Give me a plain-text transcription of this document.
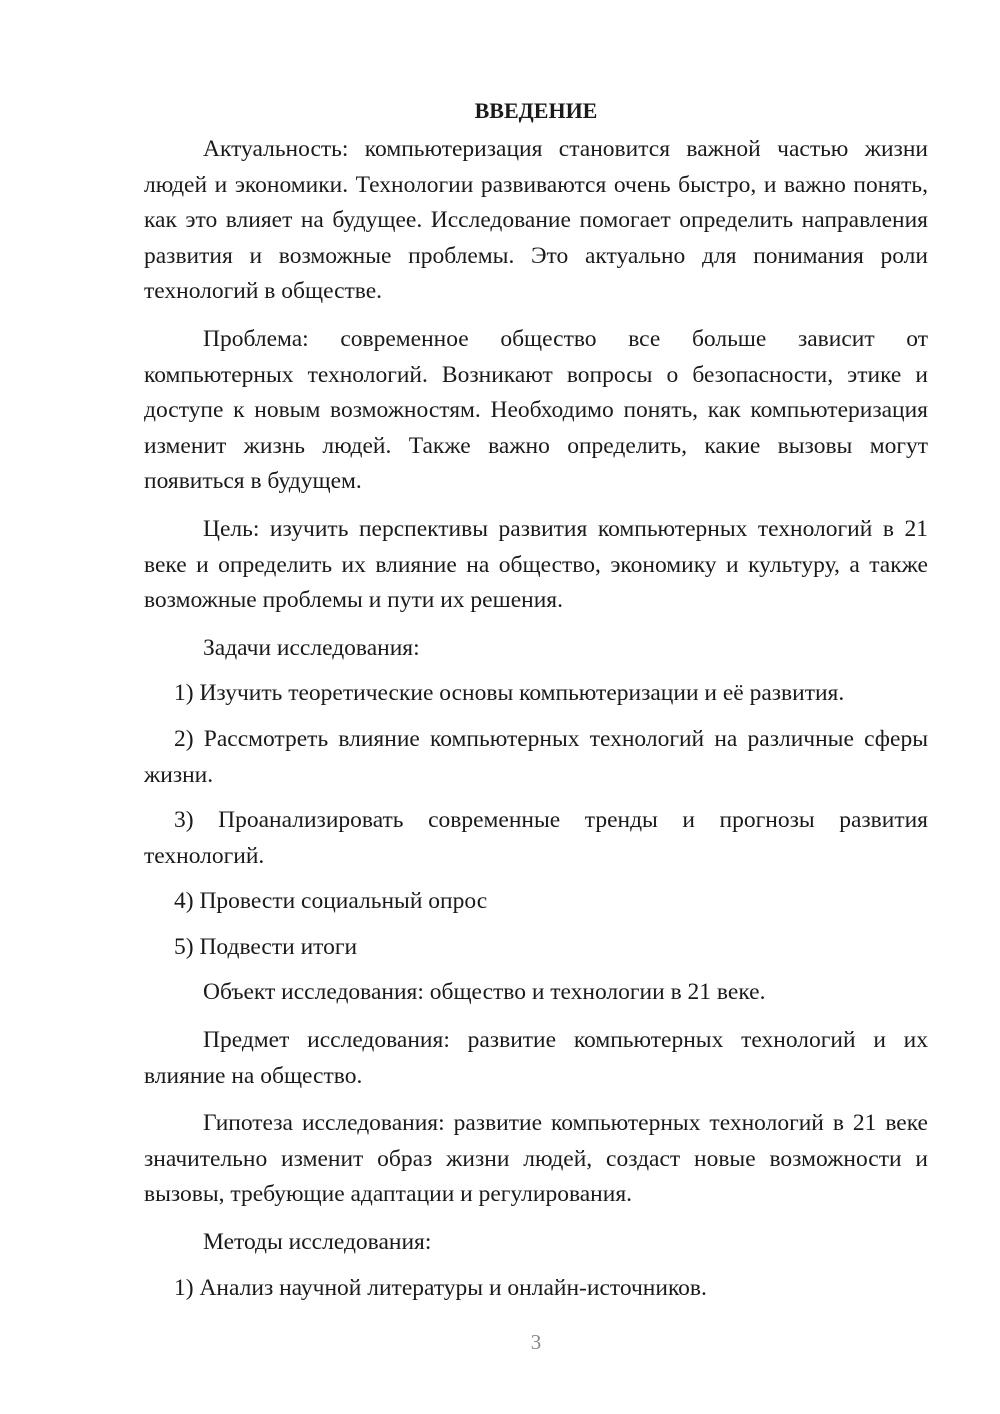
ВВЕДЕНИЕ

Актуальность: компьютеризация становится важной частью жизни людей и экономики. Технологии развиваются очень быстро, и важно понять, как это влияет на будущее. Исследование помогает определить направления развития и возможные проблемы. Это актуально для понимания роли технологий в обществе.

Проблема: современное общество все больше зависит от компьютерных технологий. Возникают вопросы о безопасности, этике и доступе к новым возможностям. Необходимо понять, как компьютеризация изменит жизнь людей. Также важно определить, какие вызовы могут появиться в будущем.

Цель: изучить перспективы развития компьютерных технологий в 21 веке и определить их влияние на общество, экономику и культуру, а также возможные проблемы и пути их решения.

Задачи исследования:

1) Изучить теоретические основы компьютеризации и её развития.

2) Рассмотреть влияние компьютерных технологий на различные сферы жизни.

3) Проанализировать современные тренды и прогнозы развития технологий.

4) Провести социальный опрос

5) Подвести итоги

Объект исследования: общество и технологии в 21 веке.

Предмет исследования: развитие компьютерных технологий и их влияние на общество.

Гипотеза исследования: развитие компьютерных технологий в 21 веке значительно изменит образ жизни людей, создаст новые возможности и вызовы, требующие адаптации и регулирования.

Методы исследования:

1) Анализ научной литературы и онлайн-источников.

3
